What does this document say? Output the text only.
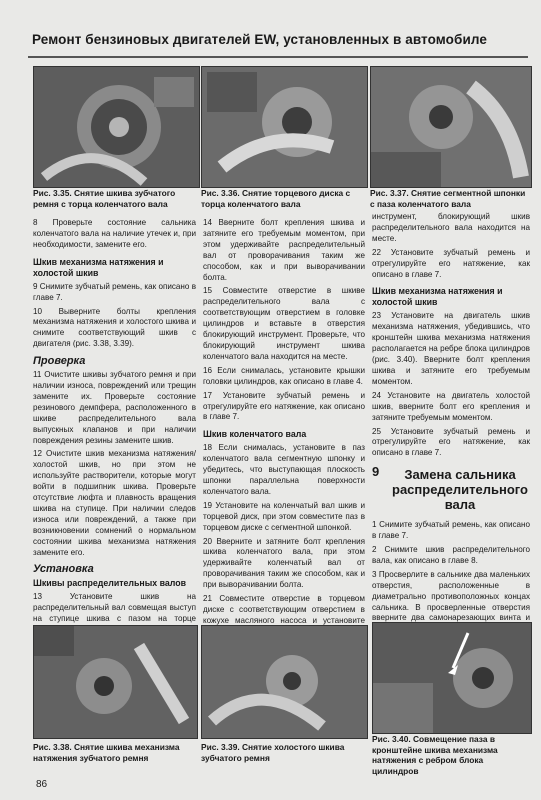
Ремонт бензиновых двигателей EW, установленных в автомобиле
Рис. 3.35. Снятие шкива зубчатого ремня с торца коленчатого вала
Рис. 3.36. Снятие торцевого диска с торца коленчатого вала
Рис. 3.37. Снятие сегментной шпонки с паза коленчатого вала

8 Проверьте состояние сальника коленчатого вала на наличие утечек и, при необходимости, замените его.

Шкив механизма натяжения и холостой шкив

9 Снимите зубчатый ремень, как описано в главе 7.

10 Выверните болты крепления механизма натяжения и холостого шкива и снимите соответствующий шкив с двигателя (рис. 3.38, 3.39).

Проверка

11 Очистите шкивы зубчатого ремня и при наличии износа, повреждений или трещин замените их. Проверьте состояние резинового демпфера, расположенного в шкиве распределительного вала выпускных клапанов и при наличии повреждения резины замените шкив.

12 Очистите шкив механизма натяжения/холостой шкив, но при этом не используйте растворители, которые могут войти в подшипник шкива. Проверьте отсутствие люфта и плавность вращения шкива на ступице. При наличии следов износа или повреждений, а также при возникновении сомнений о нормальном состоянии шкива механизма натяжения замените его.

Установка
Шкивы распределительных валов

13 Установите шкив на распределительный вал совмещая выступ на ступице шкива с пазом на торце

14 Вверните болт крепления шкива и затяните его требуемым моментом, при этом удерживайте распределительный вал от проворачивания таким же способом, как и при выворачивании болта.

15 Совместите отверстие в шкиве распределительного вала с соответствующим отверстием в головке цилиндров и вставьте в отверстия блокирующий инструмент. Проверьте, что блокирующий инструмент шкива коленчатого вала находится на месте.

16 Если снималась, установите крышки головки цилиндров, как описано в главе 4.

17 Установите зубчатый ремень и отрегулируйте его натяжение, как описано в главе 7.

Шкив коленчатого вала

18 Если снималась, установите в паз коленчатого вала сегментную шпонку и убедитесь, что выступающая плоскость шпонки параллельна поверхности коленчатого вала.

19 Установите на коленчатый вал шкив и торцевой диск, при этом совместите паз в торцевом диске с сегментной шпонкой.

20 Вверните и затяните болт крепления шкива коленчатого вала, при этом удерживайте коленчатый вал от проворачивания таким же способом, как и при выворачивании болта.

21 Совместите отверстие в торцевом диске с соответствующим отверстием в кожухе масляного насоса и установите

инструмент, блокирующий шкив распределительного вала находится на месте.

22 Установите зубчатый ремень и отрегулируйте его натяжение, как описано в главе 7.

Шкив механизма натяжения и холостой шкив

23 Установите на двигатель шкив механизма натяжения, убедившись, что кронштейн шкива механизма натяжения располагается на ребре блока цилиндров (рис. 3.40). Вверните болт крепления шкива и затяните его требуемым моментом.

24 Установите на двигатель холостой шкив, вверните болт его крепления и затяните требуемым моментом.

25 Установите зубчатый ремень и отрегулируйте его натяжение, как описано в главе 7.

9	Замена сальника распределительного вала

1 Снимите зубчатый ремень, как описано в главе 7.

2 Снимите шкив распределительного вала, как описано в главе 8.

3 Просверлите в сальнике два маленьких отверстия, расположенные в диаметрально противоположных концах сальника. В просверленные отверстия вверните два самонарезающих винта и

Рис. 3.38. Снятие шкива механизма натяжения зубчатого ремня
Рис. 3.39. Снятие холостого шкива зубчатого ремня
Рис. 3.40. Совмещение паза в кронштейне шкива механизма натяжения с ребром блока цилиндров
86
